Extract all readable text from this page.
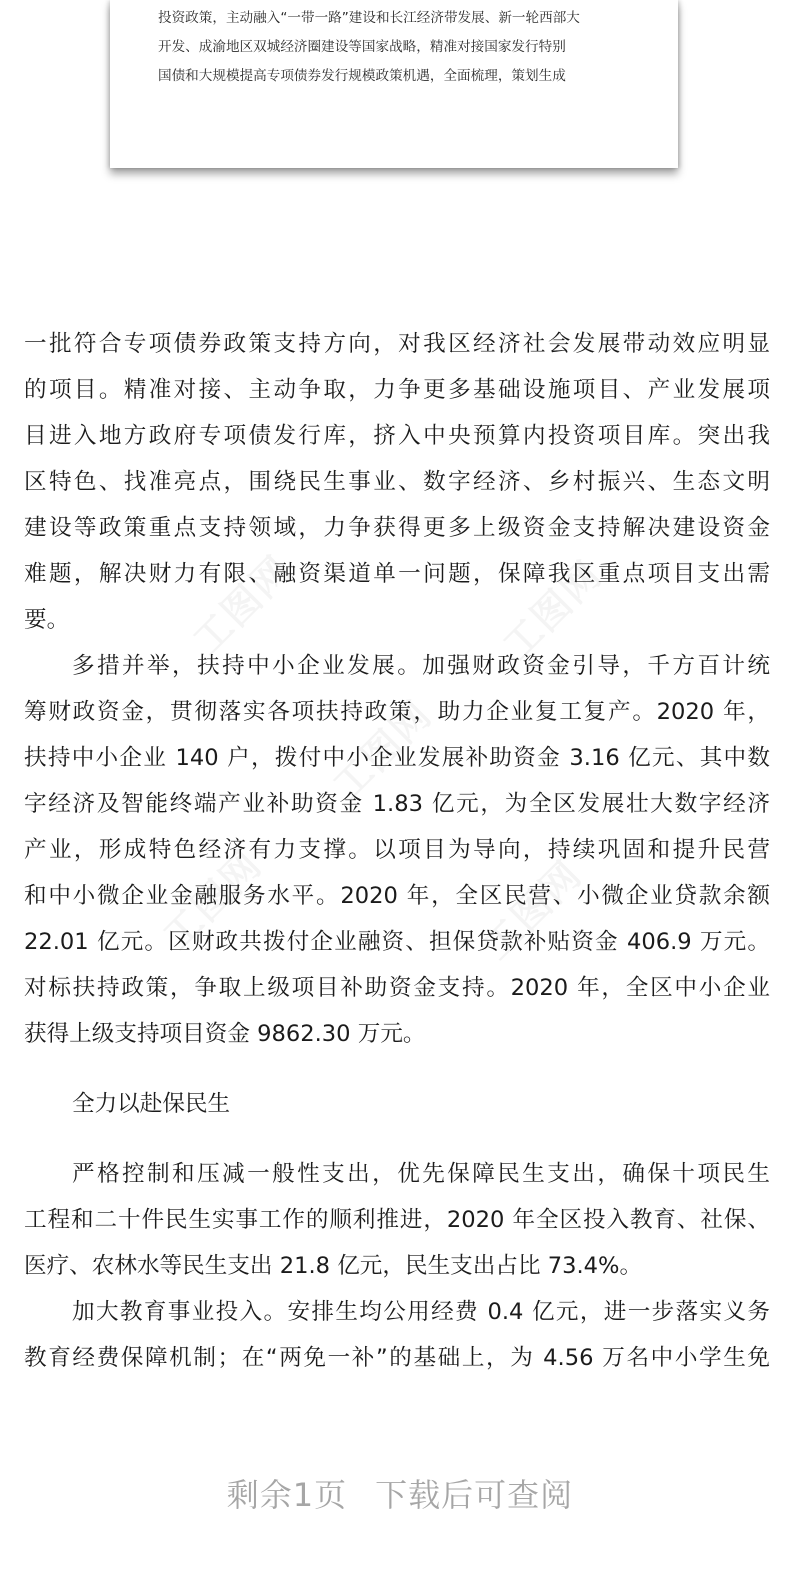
投资政策，主动融入“一带一路”建设和长江经济带发展、新一轮西部大
开发、成渝地区双城经济圈建设等国家战略，精准对接国家发行特别
国债和大规模提高专项债券发行规模政策机遇，全面梳理，策划生成
一批符合专项债券政策支持方向，对我区经济社会发展带动效应明显
的项目。精准对接、主动争取，力争更多基础设施项目、产业发展项
目进入地方政府专项债发行库，挤入中央预算内投资项目库。突出我
区特色、找准亮点，围绕民生事业、数字经济、乡村振兴、生态文明
建设等政策重点支持领域，力争获得更多上级资金支持解决建设资金
难题，解决财力有限、融资渠道单一问题，保障我区重点项目支出需
要。
多措并举，扶持中小企业发展。加强财政资金引导，千方百计统
筹财政资金，贯彻落实各项扶持政策，助力企业复工复产。2020 年，
扶持中小企业 140 户，拨付中小企业发展补助资金 3.16 亿元、其中数
字经济及智能终端产业补助资金 1.83 亿元，为全区发展壮大数字经济
产业，形成特色经济有力支撑。以项目为导向，持续巩固和提升民营
和中小微企业金融服务水平。2020 年，全区民营、小微企业贷款余额
22.01 亿元。区财政共拨付企业融资、担保贷款补贴资金 406.9 万元。
对标扶持政策，争取上级项目补助资金支持。2020 年，全区中小企业
获得上级支持项目资金 9862.30 万元。
全力以赴保民生
严格控制和压减一般性支出，优先保障民生支出，确保十项民生
工程和二十件民生实事工作的顺利推进，2020 年全区投入教育、社保、
医疗、农林水等民生支出 21.8 亿元，民生支出占比 73.4%。
加大教育事业投入。安排生均公用经费 0.4 亿元，进一步落实义务
教育经费保障机制；在“两免一补”的基础上，为 4.56 万名中小学生免
剩余1页 下载后可查阅
